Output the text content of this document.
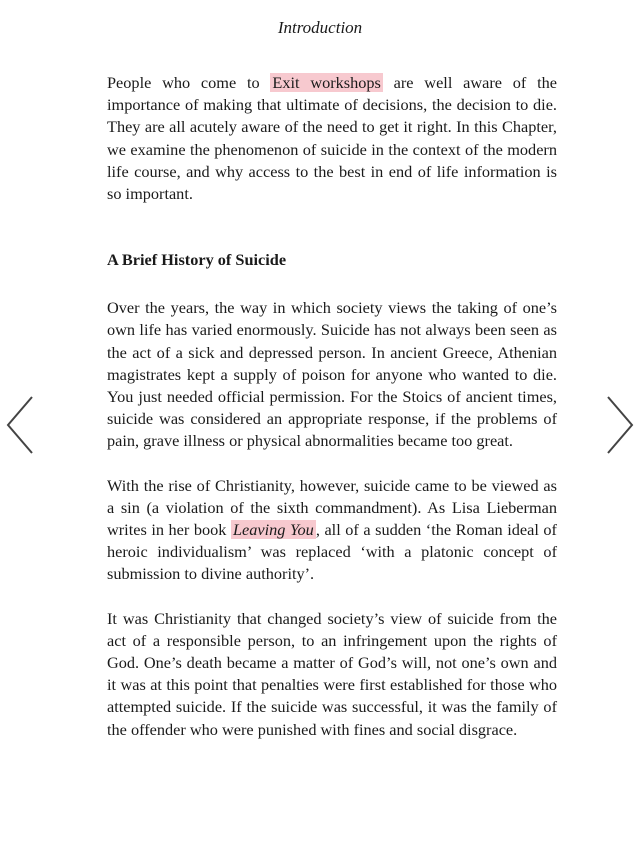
Introduction

People who come to Exit workshops are well aware of the importance of making that ultimate of decisions, the decision to die. They are all acutely aware of the need to get it right. In this Chapter, we examine the phenomenon of suicide in the context of the modern life course, and why access to the best in end of life information is so important.

A Brief History of Suicide

Over the years, the way in which society views the taking of one’s own life has varied enormously. Suicide has not always been seen as the act of a sick and depressed person. In ancient Greece, Athenian magistrates kept a supply of poison for anyone who wanted to die. You just needed official permission. For the Stoics of ancient times, suicide was considered an appropriate response, if the problems of pain, grave illness or physical abnormalities became too great.

With the rise of Christianity, however, suicide came to be viewed as a sin (a violation of the sixth commandment). As Lisa Lieberman writes in her book Leaving You , all of a sudden ‘the Roman ideal of heroic individualism’ was replaced ‘with a platonic concept of submission to divine authority’.

It was Christianity that changed society’s view of suicide from the act of a responsible person, to an infringement upon the rights of God. One’s death became a matter of God’s will, not one’s own and it was at this point that penalties were first established for those who attempted suicide. If the suicide was successful, it was the family of the offender who were punished with fines and social disgrace.
